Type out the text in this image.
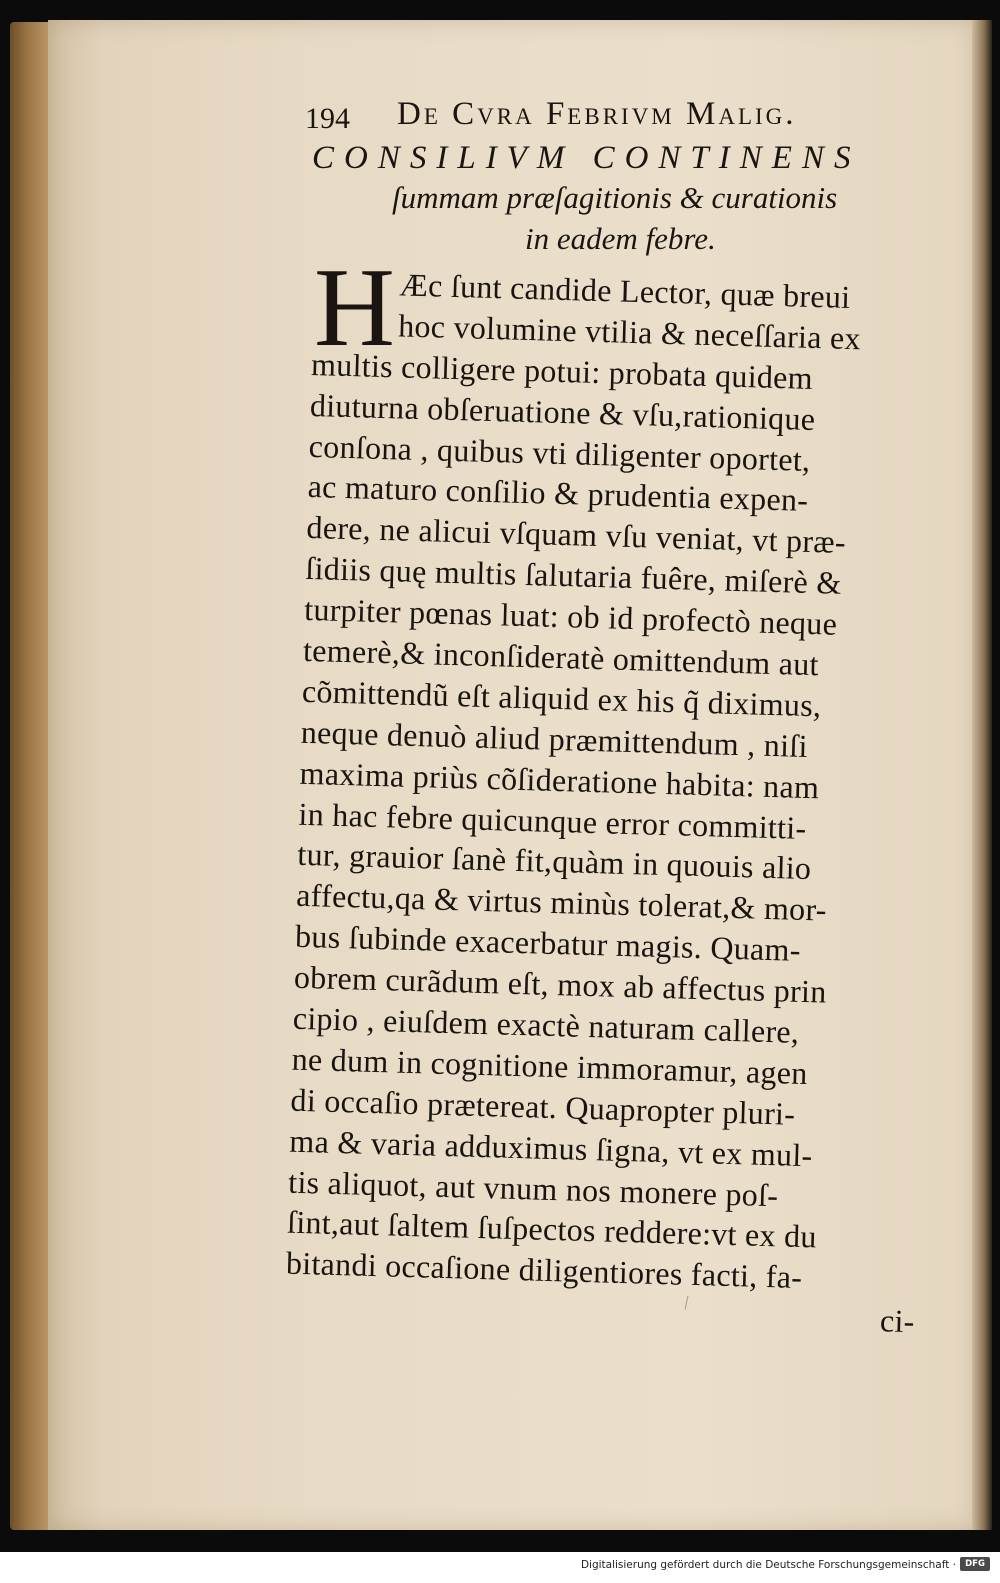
194 De Cvra Febrivm Malig.
CONSILIVM CONTINENS
ſummam præſagitionis & curationis
in eadem febre.
Æc ſunt candide Lector, quæ breui
hoc volumine vtilia & neceſſaria ex
multis colligere potui: probata quidem
diuturna obſeruatione & vſu,rationique
conſona , quibus vti diligenter oportet,
ac maturo conſilio & prudentia expen-
dere, ne alicui vſquam vſu veniat, vt præ-
ſidiis quę multis ſalutaria fuêre, miſerè &
turpiter pœnas luat: ob id profectò neque
temerè,& inconſideratè omittendum aut
cõmittendũ eſt aliquid ex his q̃ diximus,
neque denuò aliud præmittendum , niſi
maxima priùs cõſideratione habita: nam
in hac febre quicunque error committi-
tur, grauior ſanè fit,quàm in quouis alio
affectu,qa & virtus minùs tolerat,& mor-
bus ſubinde exacerbatur magis. Quam-
obrem curãdum eſt, mox ab affectus prin
cipio , eiuſdem exactè naturam callere,
ne dum in cognitione immoramur, agen
di occaſio prætereat. Quapropter pluri-
ma & varia adduximus ſigna, vt ex mul-
tis aliquot, aut vnum nos monere poſ-
ſint,aut ſaltem ſuſpectos reddere:vt ex du
bitandi occaſione diligentiores facti, fa-
ci-
H
Digitalisierung gefördert durch die Deutsche Forschungsgemeinschaft ·	DFG
